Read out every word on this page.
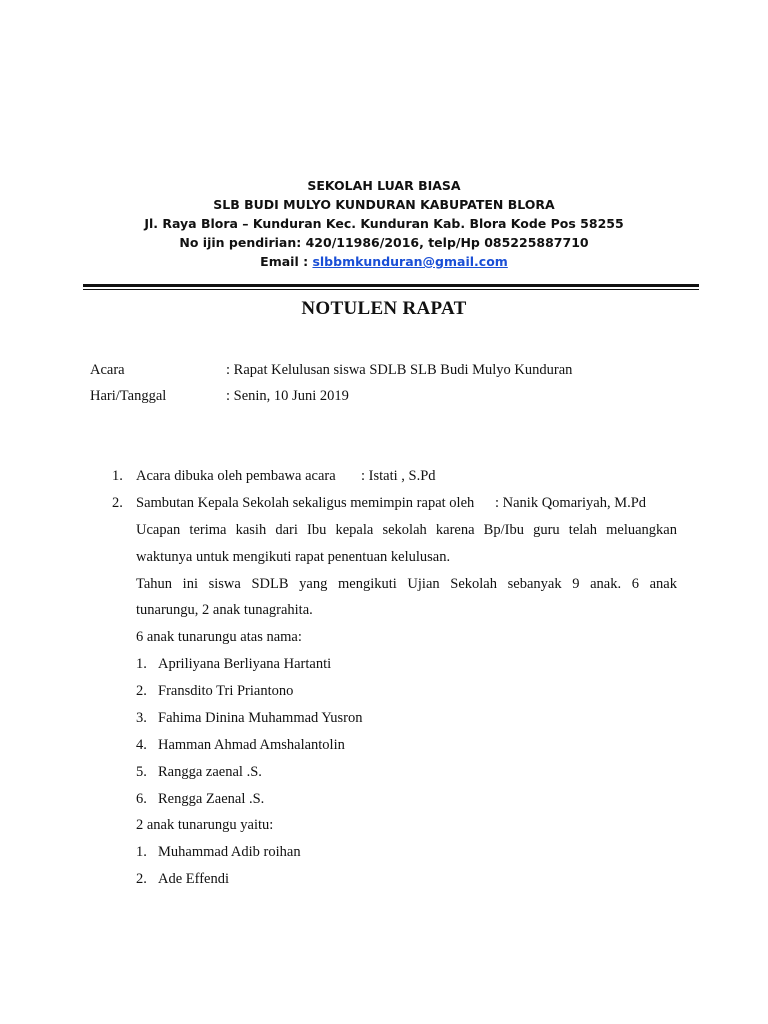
SEKOLAH LUAR BIASA
SLB BUDI MULYO KUNDURAN KABUPATEN BLORA
Jl. Raya Blora – Kunduran Kec. Kunduran Kab. Blora Kode Pos 58255
No ijin pendirian: 420/11986/2016, telp/Hp 085225887710
Email : slbbmkunduran@gmail.com
NOTULEN RAPAT
Acara	: Rapat Kelulusan siswa SDLB SLB Budi Mulyo Kunduran
Hari/Tanggal	: Senin, 10 Juni 2019
1. Acara dibuka oleh pembawa acara : Istati , S.Pd
2. Sambutan Kepala Sekolah sekaligus memimpin rapat oleh : Nanik Qomariyah, M.Pd
Ucapan terima kasih dari Ibu kepala sekolah karena Bp/Ibu guru telah meluangkan
waktunya untuk mengikuti rapat penentuan kelulusan.
Tahun ini siswa SDLB yang mengikuti Ujian Sekolah sebanyak 9 anak. 6 anak
tunarungu, 2 anak tunagrahita.
6 anak tunarungu atas nama:
1. Apriliyana Berliyana Hartanti
2. Fransdito Tri Priantono
3. Fahima Dinina Muhammad Yusron
4. Hamman Ahmad Amshalantolin
5. Rangga zaenal .S.
6. Rengga Zaenal .S.
2 anak tunarungu yaitu:
1. Muhammad Adib roihan
2. Ade Effendi
